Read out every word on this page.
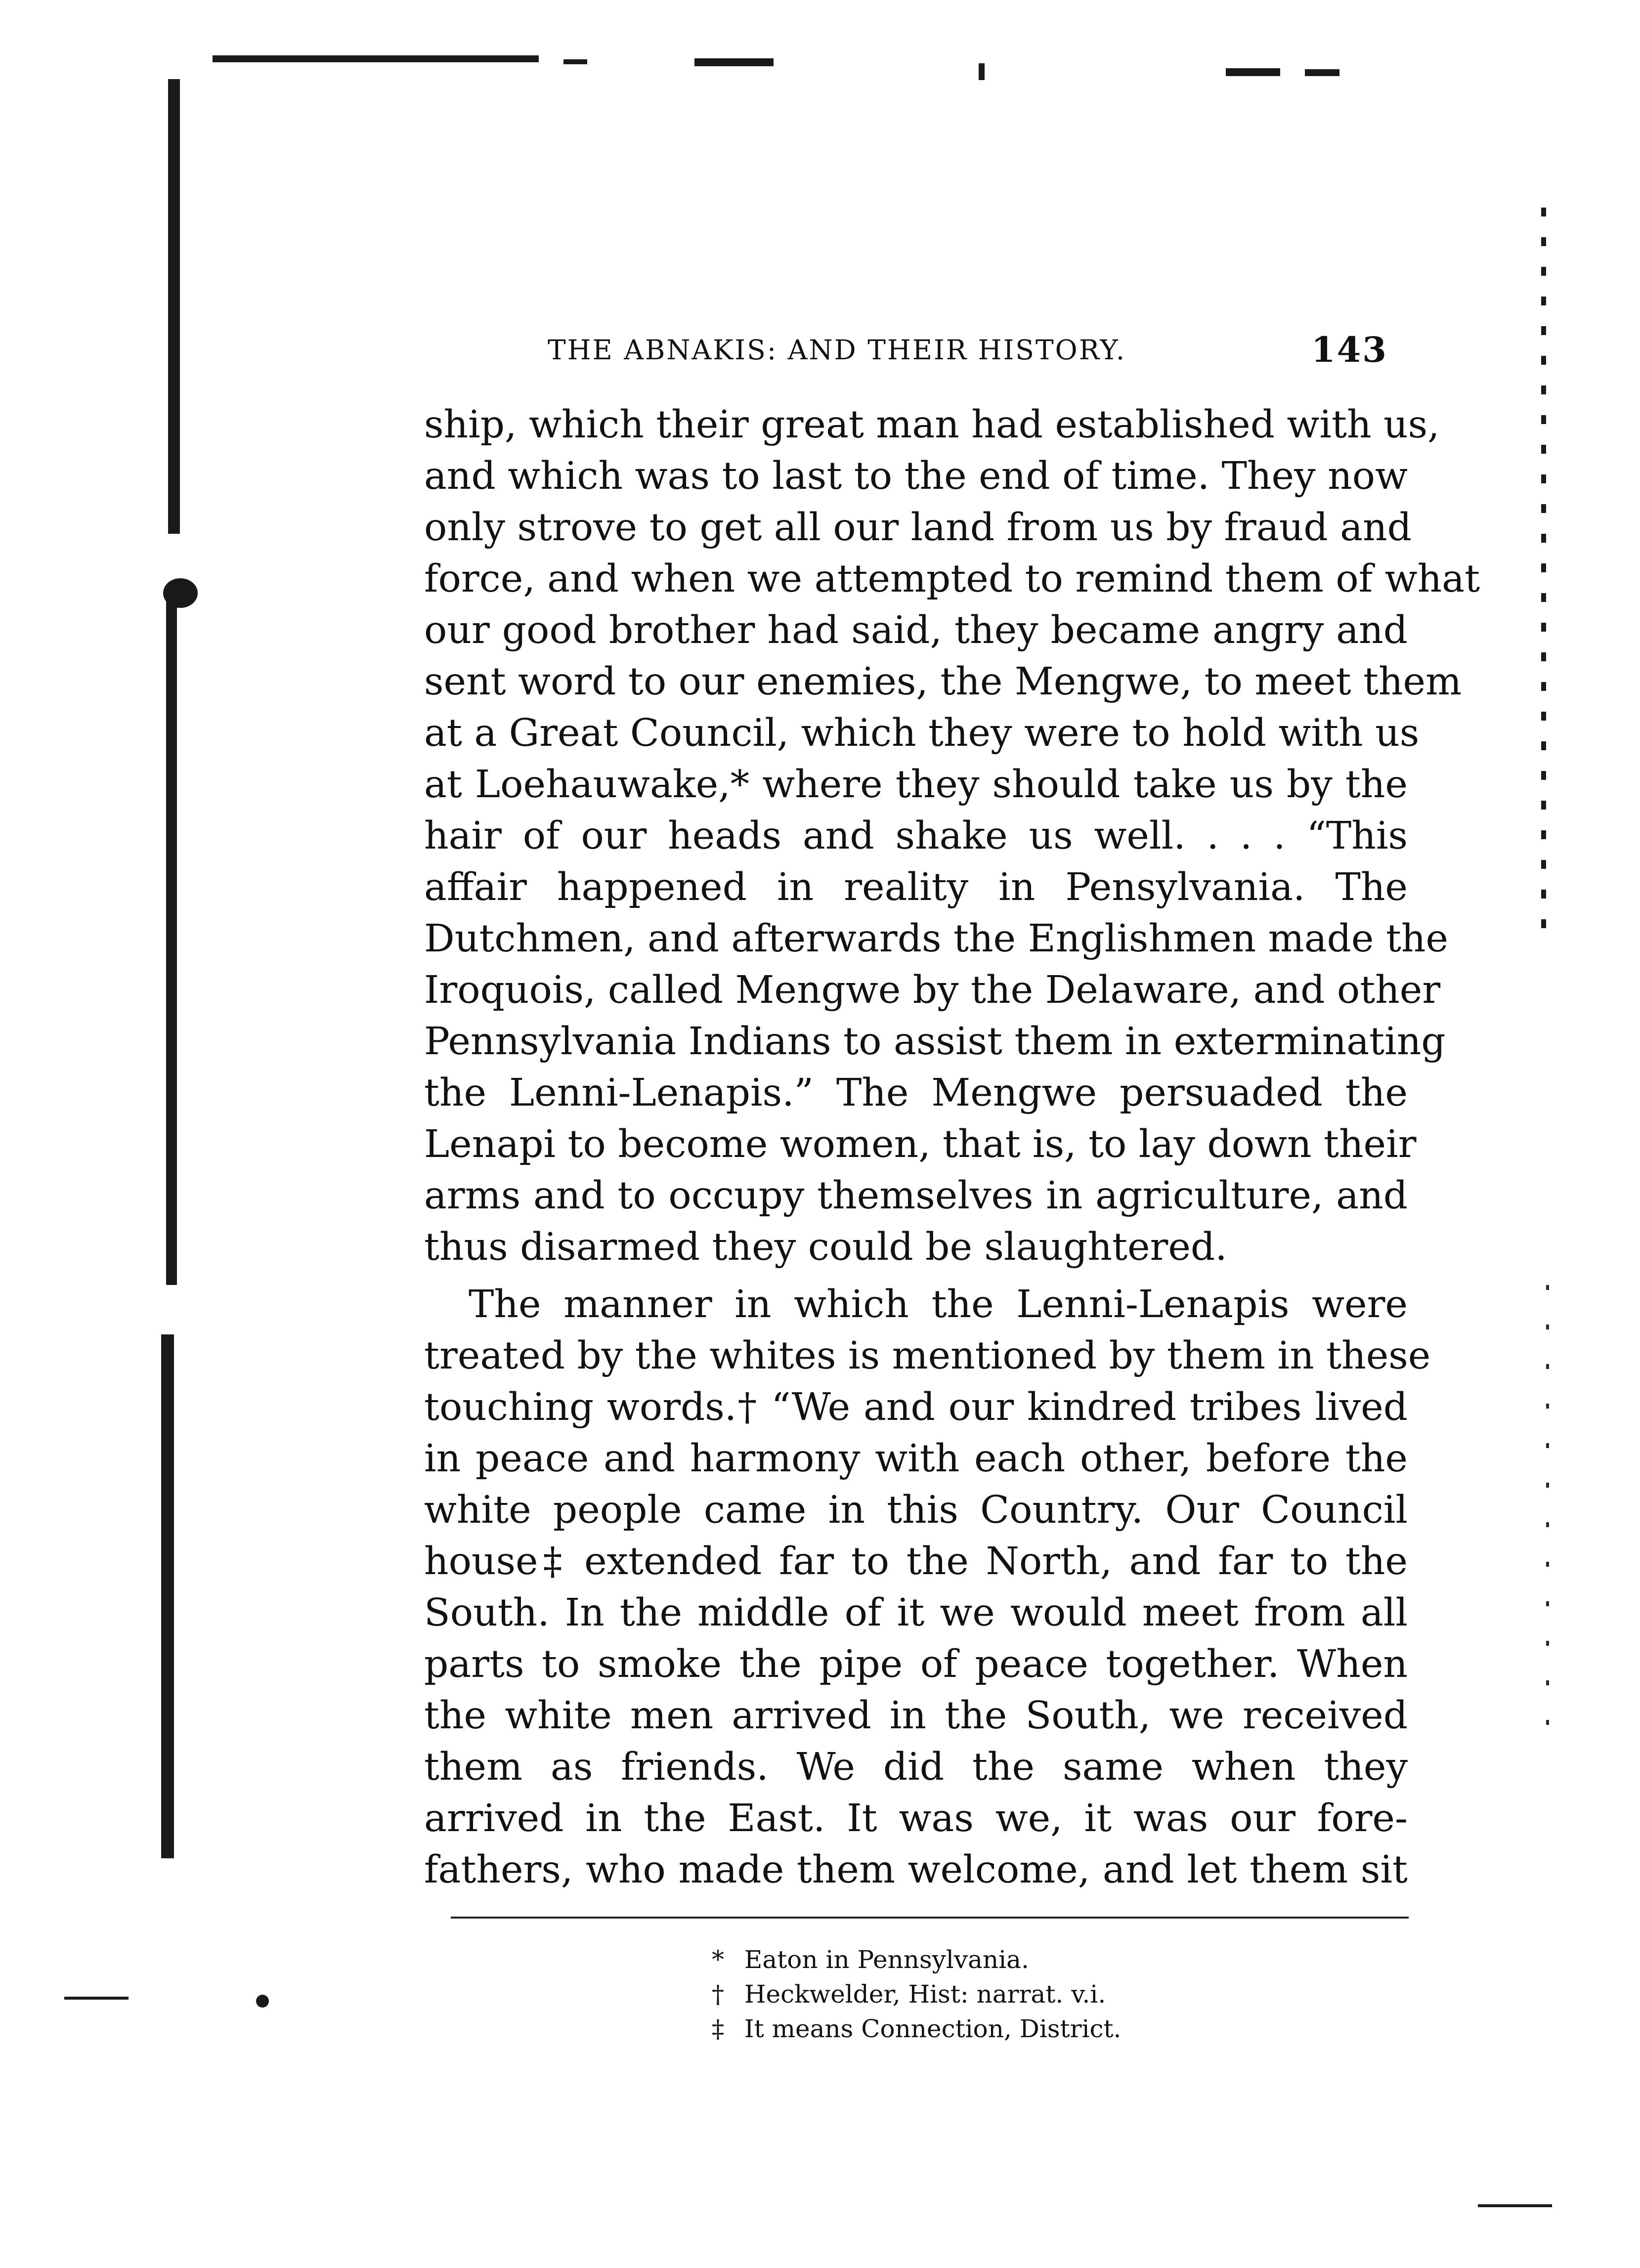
THE ABNAKIS: AND THEIR HISTORY.	143
ship, which their great man had established with us,
and which was to last to the end of time. They now
only strove to get all our land from us by fraud and
force, and when we attempted to remind them of what
our good brother had said, they became angry and
sent word to our enemies, the Mengwe, to meet them
at a Great Council, which they were to hold with us
at Loehauwake,* where they should take us by the
hair of our heads and shake us well. . . . “This
affair happened in reality in Pensylvania. The
Dutchmen, and afterwards the Englishmen made the
Iroquois, called Mengwe by the Delaware, and other
Pennsylvania Indians to assist them in exterminating
the Lenni-Lenapis.” The Mengwe persuaded the
Lenapi to become women, that is, to lay down their
arms and to occupy themselves in agriculture, and
thus disarmed they could be slaughtered.
The manner in which the Lenni-Lenapis were
treated by the whites is mentioned by them in these
touching words.† “We and our kindred tribes lived
in peace and harmony with each other, before the
white people came in this Country. Our Council
house‡ extended far to the North, and far to the
South. In the middle of it we would meet from all
parts to smoke the pipe of peace together. When
the white men arrived in the South, we received
them as friends. We did the same when they
arrived in the East. It was we, it was our fore-
fathers, who made them welcome, and let them sit
* Eaton in Pennsylvania.
† Heckwelder, Hist: narrat. v.i.
‡ It means Connection, District.
